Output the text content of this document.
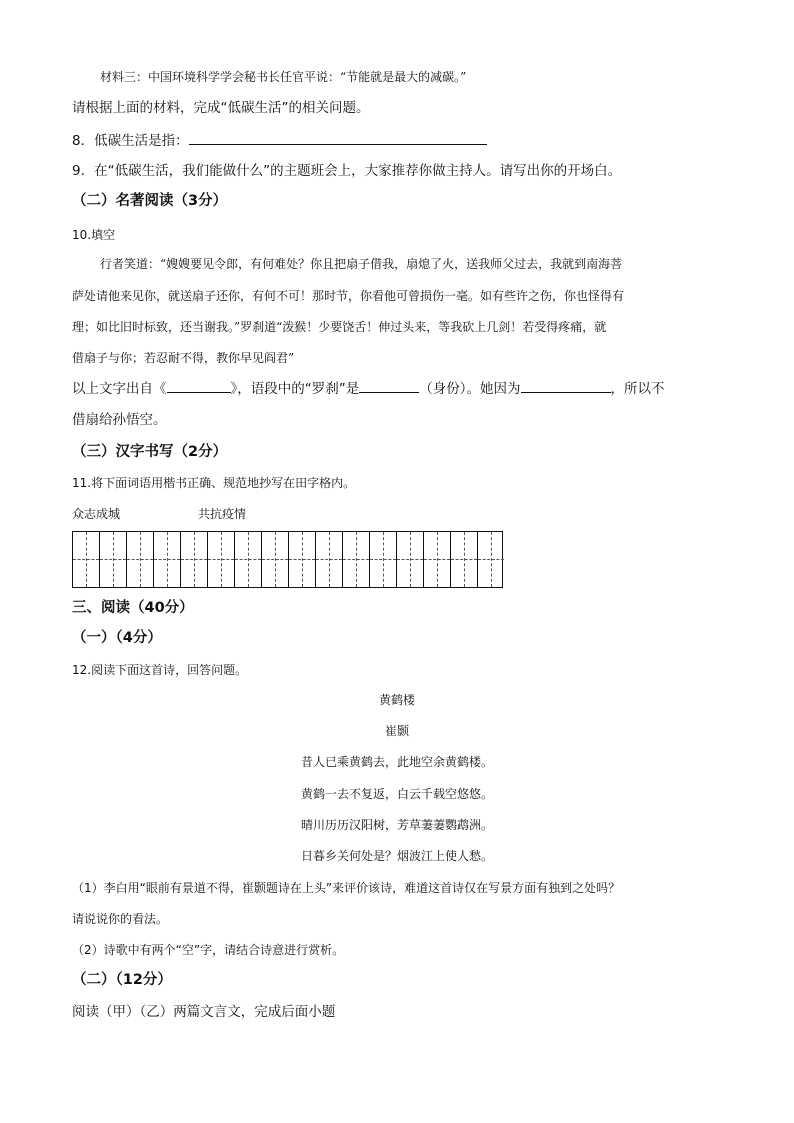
材料三：中国环境科学学会秘书长任官平说：“节能就是最大的减碳。”
请根据上面的材料，完成“低碳生活”的相关问题。
8．低碳生活是指：
9．在“低碳生活，我们能做什么”的主题班会上，大家推荐你做主持人。请写出你的开场白。
（二）名著阅读（3分）
10.填空
行者笑道：“嫂嫂要见令郎，有何难处？你且把扇子借我，扇熄了火，送我师父过去，我就到南海菩
萨处请他来见你，就送扇子还你，有何不可！那时节，你看他可曾损伤一毫。如有些许之伤，你也怪得有
理；如比旧时标致，还当谢我。”罗刹道“泼猴！少要饶舌！伸过头来，等我砍上几剑！若受得疼痛，就
借扇子与你；若忍耐不得，教你早见阎君”
以上文字出自《	》，语段中的“罗刹”是	（身份）。她因为	，所以不
借扇给孙悟空。
（三）汉字书写（2分）
11.将下面词语用楷书正确、规范地抄写在田字格内。
众志成城	共抗疫情
三、阅读（40分）
（一）（4分）
12.阅读下面这首诗，回答问题。
黄鹤楼
崔颢
昔人已乘黄鹤去，此地空余黄鹤楼。
黄鹤一去不复返，白云千载空悠悠。
晴川历历汉阳树，芳草萋萋鹦鹉洲。
日暮乡关何处是？烟波江上使人愁。
（1）李白用“眼前有景道不得，崔颢题诗在上头”来评价该诗，难道这首诗仅在写景方面有独到之处吗？
请说说你的看法。
（2）诗歌中有两个“空”字，请结合诗意进行赏析。
（二）（12分）
阅读（甲）（乙）两篇文言文，完成后面小题
